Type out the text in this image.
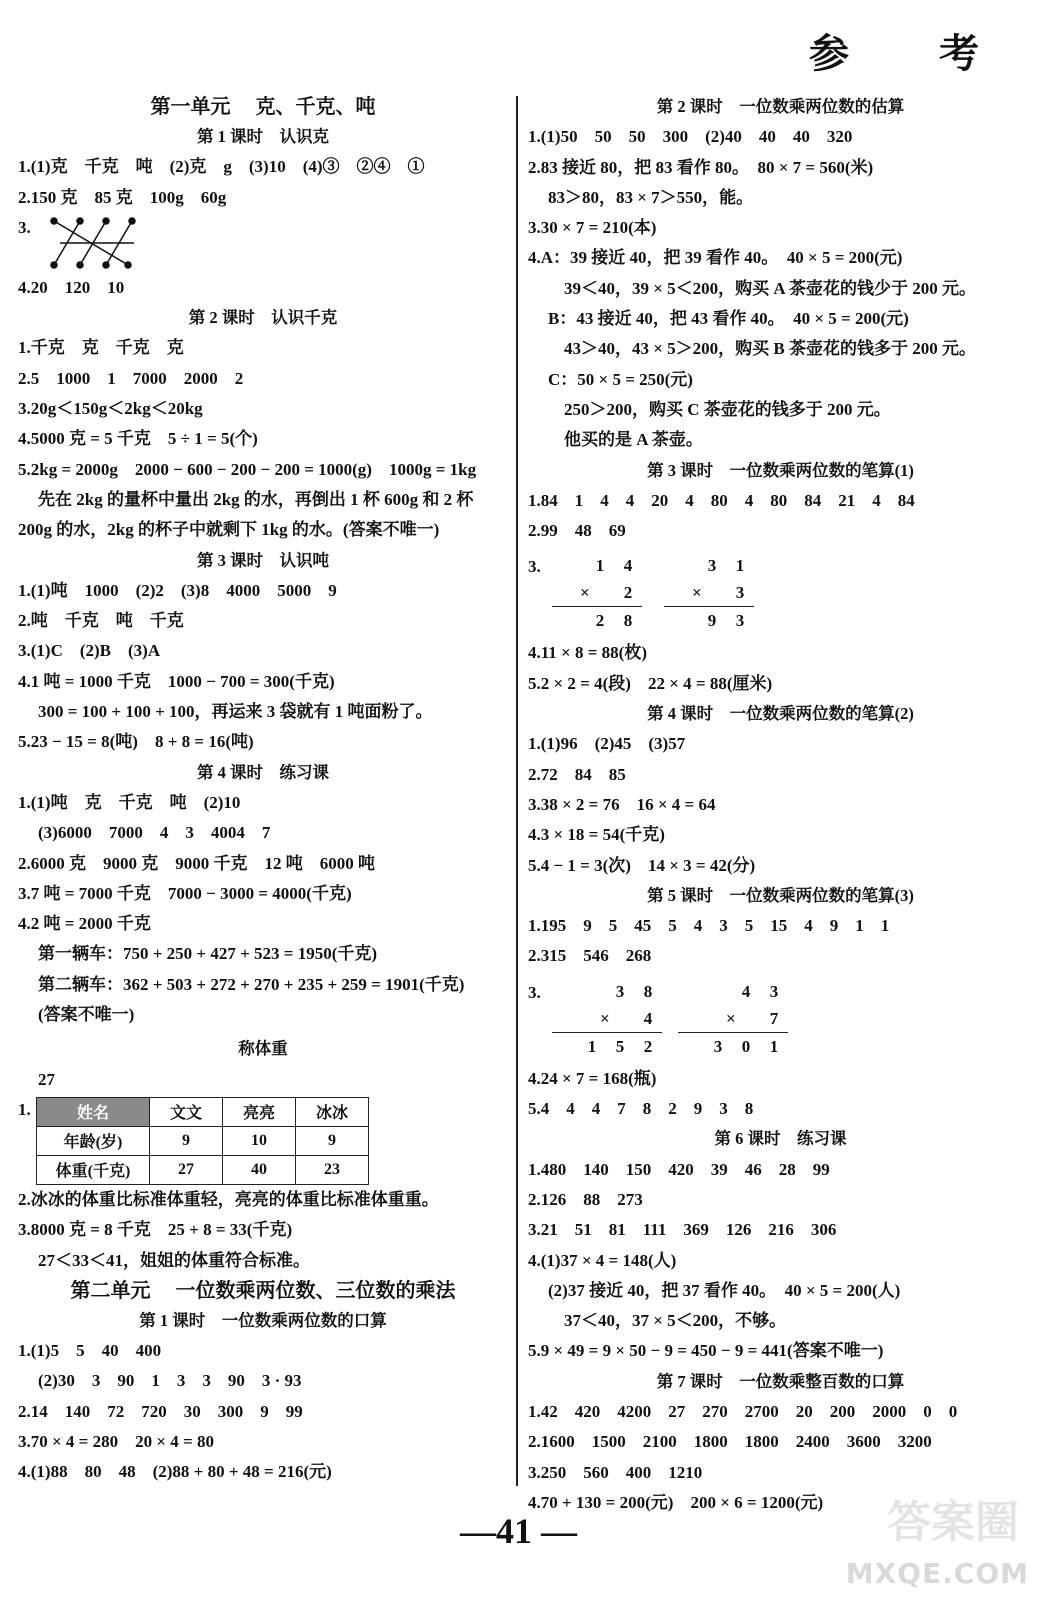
参 考
第一单元　 克、千克、吨
第 1 课时　认识克
1.(1)克　千克　吨　(2)克　g　(3)10　(4)③　②④　①
2.150 克　85 克　100g　60g
3.
4.20　120　10
第 2 课时　认识千克
1.千克　克　千克　克
2.5　1000　1　7000　2000　2
3.20g＜150g＜2kg＜20kg
4.5000 克 = 5 千克　5 ÷ 1 = 5(个)
5.2kg = 2000g　2000 − 600 − 200 − 200 = 1000(g)　1000g = 1kg
先在 2kg 的量杯中量出 2kg 的水，再倒出 1 杯 600g 和 2 杯
200g 的水，2kg 的杯子中就剩下 1kg 的水。(答案不唯一)
第 3 课时　认识吨
1.(1)吨　1000　(2)2　(3)8　4000　5000　9
2.吨　千克　吨　千克
3.(1)C　(2)B　(3)A
4.1 吨 = 1000 千克　1000 − 700 = 300(千克)
300 = 100 + 100 + 100，再运来 3 袋就有 1 吨面粉了。
5.23 − 15 = 8(吨)　8 + 8 = 16(吨)
第 4 课时　练习课
1.(1)吨　克　千克　吨　(2)10
(3)6000　7000　4　3　4004　7
2.6000 克　9000 克　9000 千克　12 吨　6000 吨
3.7 吨 = 7000 千克　7000 − 3000 = 4000(千克)
4.2 吨 = 2000 千克
第一辆车：750 + 250 + 427 + 523 = 1950(千克)
第二辆车：362 + 503 + 272 + 270 + 235 + 259 = 1901(千克)
(答案不唯一)
称体重
27
1.	姓名	文文	亮亮	冰冰
年龄(岁)	9	10	9
体重(千克)	27	40	23
2.冰冰的体重比标准体重轻，亮亮的体重比标准体重重。
3.8000 克 = 8 千克　25 + 8 = 33(千克)
27＜33＜41，姐姐的体重符合标准。
第二单元　 一位数乘两位数、三位数的乘法
第 1 课时　一位数乘两位数的口算
1.(1)5　5　40　400
(2)30　3　90　1　3　3　90　3 · 93
2.14　140　72　720　30　300　9　99
3.70 × 4 = 280　20 × 4 = 80
4.(1)88　80　48　(2)88 + 80 + 48 = 216(元)
第 2 课时　一位数乘两位数的估算
1.(1)50　50　50　300　(2)40　40　40　320
2.83 接近 80，把 83 看作 80。　80 × 7 = 560(米)
83＞80，83 × 7＞550，能。
3.30 × 7 = 210(本)
4.A：39 接近 40，把 39 看作 40。　40 × 5 = 200(元)
39＜40，39 × 5＜200，购买 A 茶壶花的钱少于 200 元。
B：43 接近 40，把 43 看作 40。　40 × 5 = 200(元)
43＞40，43 × 5＞200，购买 B 茶壶花的钱多于 200 元。
C：50 × 5 = 250(元)
250＞200，购买 C 茶壶花的钱多于 200 元。
他买的是 A 茶壶。
第 3 课时　一位数乘两位数的笔算(1)
1.84　1　4　4　20　4　80　4　80　84　21　4　84
2.99　48　69
3.	1	4
×	2
2	8
3	1
×	3
9	3
4.11 × 8 = 88(枚)
5.2 × 2 = 4(段)　22 × 4 = 88(厘米)
第 4 课时　一位数乘两位数的笔算(2)
1.(1)96　(2)45　(3)57
2.72　84　85
3.38 × 2 = 76　16 × 4 = 64
4.3 × 18 = 54(千克)
5.4 − 1 = 3(次)　14 × 3 = 42(分)
第 5 课时　一位数乘两位数的笔算(3)
1.195　9　5　45　5　4　3　5　15　4　9　1　1
2.315　546　268
3.	3	8
×	4
1	5	2
4	3
×	7
3	0	1
4.24 × 7 = 168(瓶)
5.4　4　4　7　8　2　9　3　8
第 6 课时　练习课
1.480　140　150　420　39　46　28　99
2.126　88　273
3.21　51　81　111　369　126　216　306
4.(1)37 × 4 = 148(人)
(2)37 接近 40，把 37 看作 40。　40 × 5 = 200(人)
37＜40，37 × 5＜200，不够。
5.9 × 49 = 9 × 50 − 9 = 450 − 9 = 441(答案不唯一)
第 7 课时　一位数乘整百数的口算
1.42　420　4200　27　270　2700　20　200　2000　0　0
2.1600　1500　2100　1800　1800　2400　3600　3200
3.250　560　400　1210
4.70 + 130 = 200(元)　200 × 6 = 1200(元)
—41 —	答案圈
MXQE.COM
